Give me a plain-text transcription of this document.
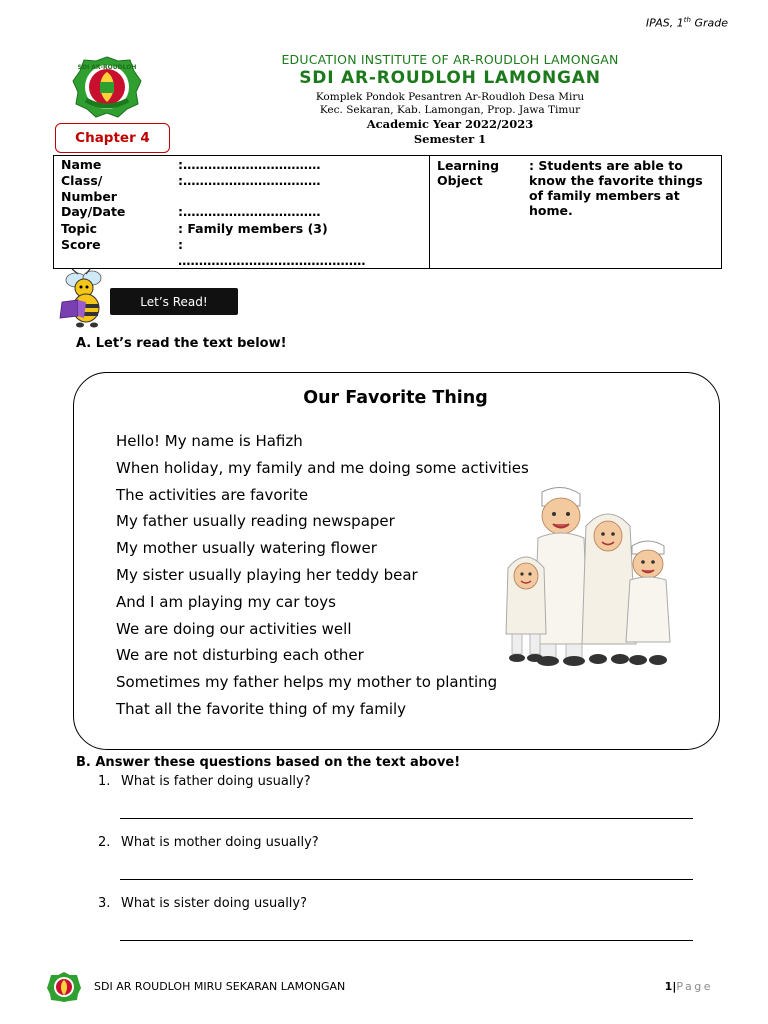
IPAS, 1th Grade
SDI AR-ROUDLOH
EDUCATION INSTITUTE OF AR-ROUDLOH LAMONGAN
SDI AR-ROUDLOH LAMONGAN
Komplek Pondok Pesantren Ar-Roudloh Desa Miru
Kec. Sekaran, Kab. Lamongan, Prop. Jawa Timur
Academic Year 2022/2023
Semester 1
Chapter 4
Name	:……………………………
Class/	:……………………………
Number
Day/Date	:……………………………
Topic	: Family members (3)
Score	:
………………………………………
Learning Object
: Students are able to know the favorite things of family members at home.
Let’s Read!
A. Let’s read the text below!
Our Favorite Thing
Hello! My name is Hafizh
When holiday, my family and me doing some activities
The activities are favorite
My father usually reading newspaper
My mother usually watering flower
My sister usually playing her teddy bear
And I am playing my car toys
We are doing our activities well
We are not disturbing each other
Sometimes my father helps my mother to planting
That all the favorite thing of my family
B. Answer these questions based on the text above!
1. What is father doing usually?
2. What is mother doing usually?
3. What is sister doing usually?
SDI AR ROUDLOH MIRU SEKARAN LAMONGAN	1|Page
